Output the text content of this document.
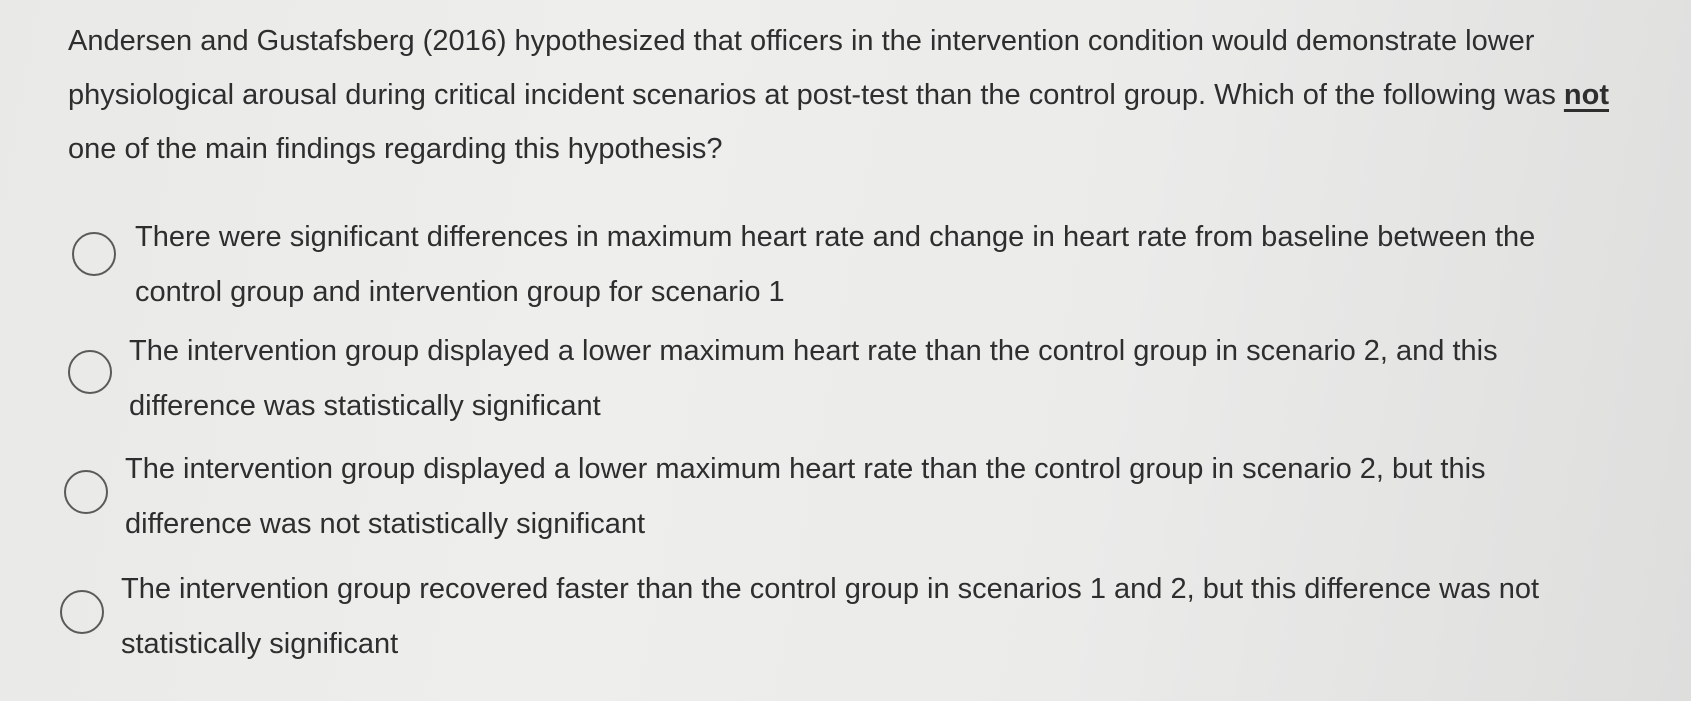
Andersen and Gustafsberg (2016) hypothesized that officers in the intervention condition would demonstrate lower physiological arousal during critical incident scenarios at post-test than the control group. Which of the following was not one of the main findings regarding this hypothesis?

There were significant differences in maximum heart rate and change in heart rate from baseline between the control group and intervention group for scenario 1
The intervention group displayed a lower maximum heart rate than the control group in scenario 2, and this difference was statistically significant
The intervention group displayed a lower maximum heart rate than the control group in scenario 2, but this difference was not statistically significant
The intervention group recovered faster than the control group in scenarios 1 and 2, but this difference was not statistically significant
